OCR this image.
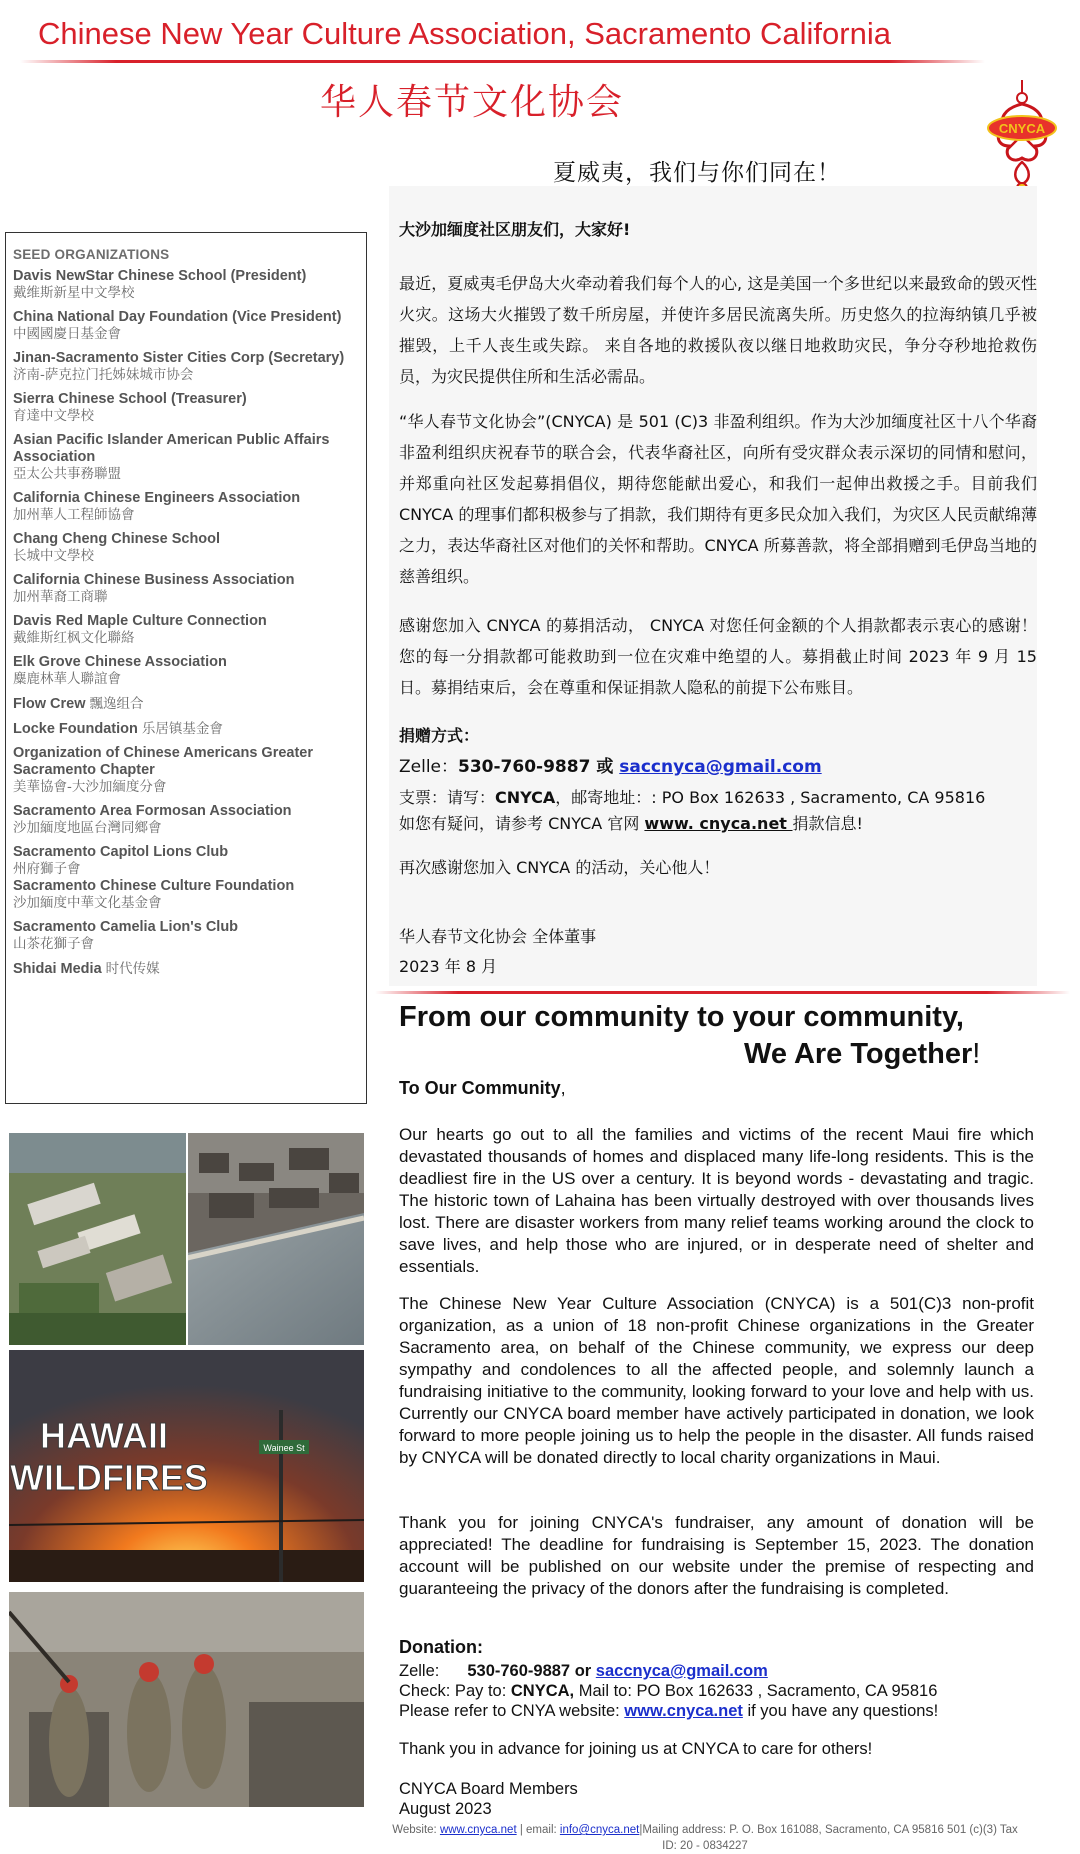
Chinese New Year Culture Association, Sacramento California
华人春节文化协会
CNYCA
SEED ORGANIZATIONS
Davis NewStar Chinese School (President)
戴维斯新星中文學校
China National Day Foundation (Vice President)
中國國慶日基金會
Jinan-Sacramento Sister Cities Corp (Secretary)
济南-萨克拉门托姊妹城市协会
Sierra Chinese School (Treasurer)
育達中文學校
Asian Pacific Islander American Public Affairs Association
亞太公共事務聯盟
California Chinese Engineers Association
加州華人工程師協會
Chang Cheng Chinese School
长城中文學校
California Chinese Business Association
加州華裔工商聯
Davis Red Maple Culture Connection
戴維斯红枫文化聯絡
Elk Grove Chinese Association
麋鹿林華人聯誼會
Flow Crew 飄逸组合
Locke Foundation 乐居镇基金會
Organization of Chinese Americans Greater Sacramento Chapter
美華協會-大沙加緬度分會
Sacramento Area Formosan Association
沙加緬度地區台灣同鄉會
Sacramento Capitol Lions Club
州府獅子會
Sacramento Chinese Culture Foundation
沙加緬度中華文化基金會
Sacramento Camelia Lion's Club
山茶花獅子會
Shidai Media 时代传媒
Wainee St
HAWAII
WILDFIRES
夏威夷，我们与你们同在！
大沙加缅度社区朋友们，大家好!
最近，夏威夷毛伊岛大火牵动着我们每个人的心, 这是美国一个多世纪以来最致命的毁灭性火灾。这场大火摧毁了数千所房屋，并使许多居民流离失所。历史悠久的拉海纳镇几乎被摧毁，上千人丧生或失踪。 来自各地的救援队夜以继日地救助灾民，争分夺秒地抢救伤员，为灾民提供住所和生活必需品。
“华人春节文化协会”(CNYCA) 是 501 (C)3 非盈利组织。作为大沙加缅度社区十八个华裔非盈利组织庆祝春节的联合会，代表华裔社区，向所有受灾群众表示深切的同情和慰问，并郑重向社区发起募捐倡仪，期待您能献出爱心，和我们一起伸出救援之手。目前我们 CNYCA 的理事们都积极参与了捐款，我们期待有更多民众加入我们，为灾区人民贡献绵薄之力，表达华裔社区对他们的关怀和帮助。CNYCA 所募善款，将全部捐赠到毛伊岛当地的慈善组织。
感谢您加入 CNYCA 的募捐活动， CNYCA 对您任何金额的个人捐款都表示衷心的感谢！您的每一分捐款都可能救助到一位在灾难中绝望的人。募捐截止时间 2023 年 9 月 15 日。募捐结束后，会在尊重和保证捐款人隐私的前提下公布账目。
捐赠方式：
Zelle：530-760-9887 或 saccnyca@gmail.com
支票：请写：CNYCA，邮寄地址：: PO Box 162633 , Sacramento, CA 95816
如您有疑问，请参考 CNYCA 官网 www. cnyca.net 捐款信息!
再次感谢您加入 CNYCA 的活动，关心他人！
华人春节文化协会 全体董事
2023 年 8 月
From our community to your community,
We Are Together!
To Our Community,
Our hearts go out to all the families and victims of the recent Maui fire which devastated thousands of homes and displaced many life-long residents. This is the deadliest fire in the US over a century. It is beyond words - devastating and tragic. The historic town of Lahaina has been virtually destroyed with over thousands lives lost. There are disaster workers from many relief teams working around the clock to save lives, and help those who are injured, or in desperate need of shelter and essentials.
The Chinese New Year Culture Association (CNYCA) is a 501(C)3 non-profit organization, as a union of 18 non-profit Chinese organizations in the Greater Sacramento area, on behalf of the Chinese community, we express our deep sympathy and condolences to all the affected people, and solemnly launch a fundraising initiative to the community, looking forward to your love and help with us. Currently our CNYCA board member have actively participated in donation, we look forward to more people joining us to help the people in the disaster. All funds raised by CNYCA will be donated directly to local charity organizations in Maui.
Thank you for joining CNYCA's fundraiser, any amount of donation will be appreciated! The deadline for fundraising is September 15, 2023. The donation account will be published on our website under the premise of respecting and guaranteeing the privacy of the donors after the fundraising is completed.
Donation:
Zelle: 530-760-9887 or saccnyca@gmail.com
Check: Pay to: CNYCA, Mail to: PO Box 162633 , Sacramento, CA 95816
Please refer to CNYA website: www.cnyca.net if you have any questions!
Thank you in advance for joining us at CNYCA to care for others!
CNYCA Board Members
August 2023
Website: www.cnyca.net | email: info@cnyca.net|Mailing address: P. O. Box 161088, Sacramento, CA 95816 501 (c)(3) Tax ID: 20 - 0834227
